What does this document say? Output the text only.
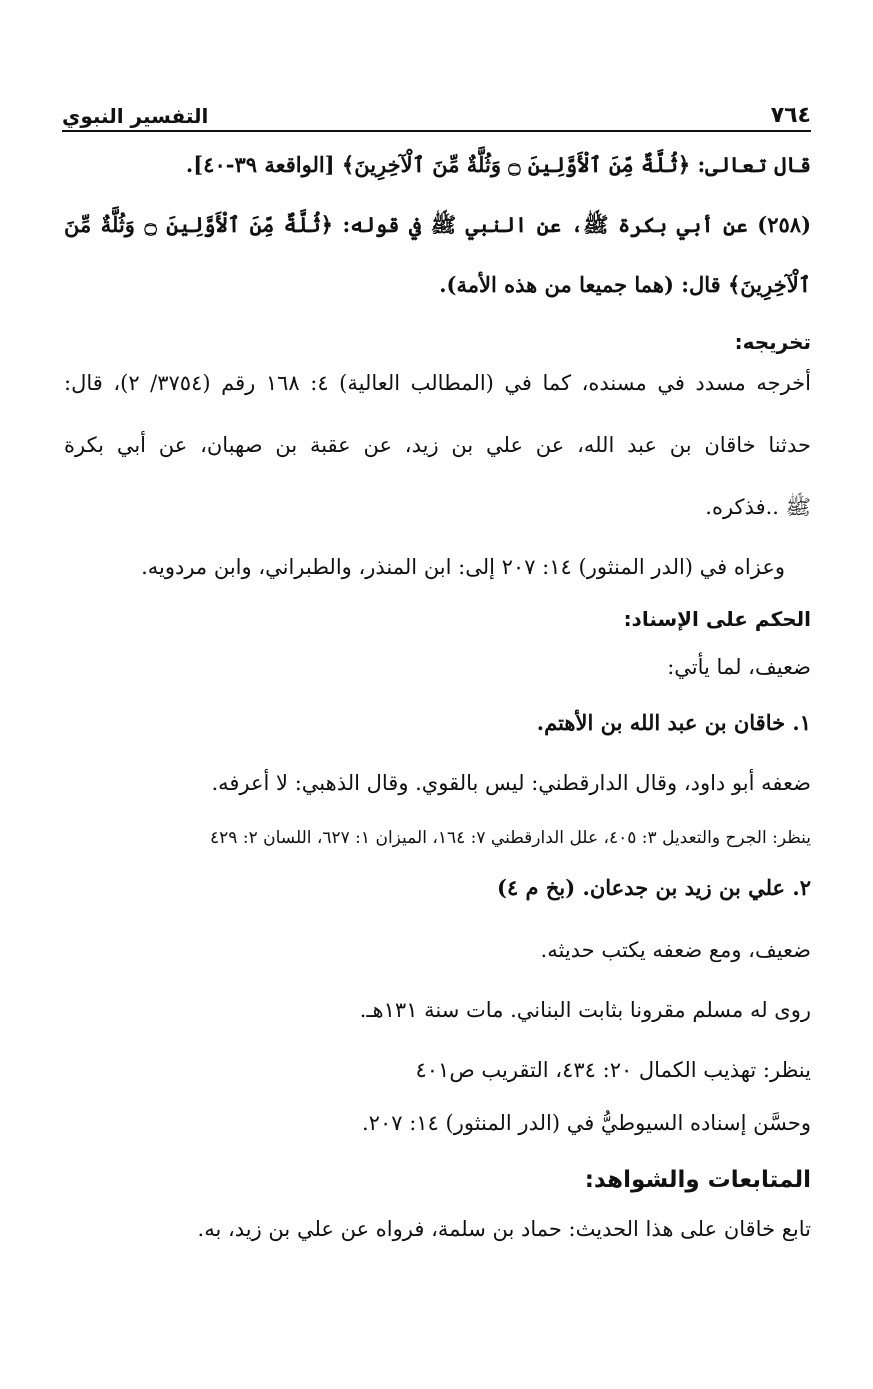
٧٦٤
التفسير النبوي
قال تعالى: ﴿ثُلَّةٌ مِّنَ ٱلْأَوَّلِينَ ۝ وَثُلَّةٌ مِّنَ ٱلْآخِرِينَ﴾ [الواقعة ٣٩-٤٠].
(٢٥٨) عن أبي بكرة ﷺ، عن النبي ﷺ في قوله: ﴿ثُلَّةٌ مِّنَ ٱلْأَوَّلِينَ ۝ وَثُلَّةٌ مِّنَ
ٱلْآخِرِينَ﴾ قال: (هما جميعا من هذه الأمة).
تخريجه:
أخرجه مسدد في مسنده، كما في (المطالب العالية) ٤: ١٦٨ رقم (٣٧٥٤/ ٢)، قال:
حدثنا خاقان بن عبد الله، عن علي بن زيد، عن عقبة بن صهبان، عن أبي بكرة
ﷺ ..فذكره.
وعزاه في (الدر المنثور) ١٤: ٢٠٧ إلى: ابن المنذر، والطبراني، وابن مردويه.
الحكم على الإسناد:
ضعيف، لما يأتي:
١. خاقان بن عبد الله بن الأهتم.
ضعفه أبو داود، وقال الدارقطني: ليس بالقوي. وقال الذهبي: لا أعرفه.
ينظر: الجرح والتعديل ٣: ٤٠٥، علل الدارقطني ٧: ١٦٤، الميزان ١: ٦٢٧، اللسان ٢: ٤٢٩
٢. علي بن زيد بن جدعان. (بخ م ٤)
ضعيف، ومع ضعفه يكتب حديثه.
روى له مسلم مقرونا بثابت البناني. مات سنة ١٣١هـ.
ينظر: تهذيب الكمال ٢٠: ٤٣٤، التقريب ص٤٠١
وحسَّن إسناده السيوطيُّ في (الدر المنثور) ١٤: ٢٠٧.
المتابعات والشواهد:
تابع خاقان على هذا الحديث: حماد بن سلمة، فرواه عن علي بن زيد، به.
